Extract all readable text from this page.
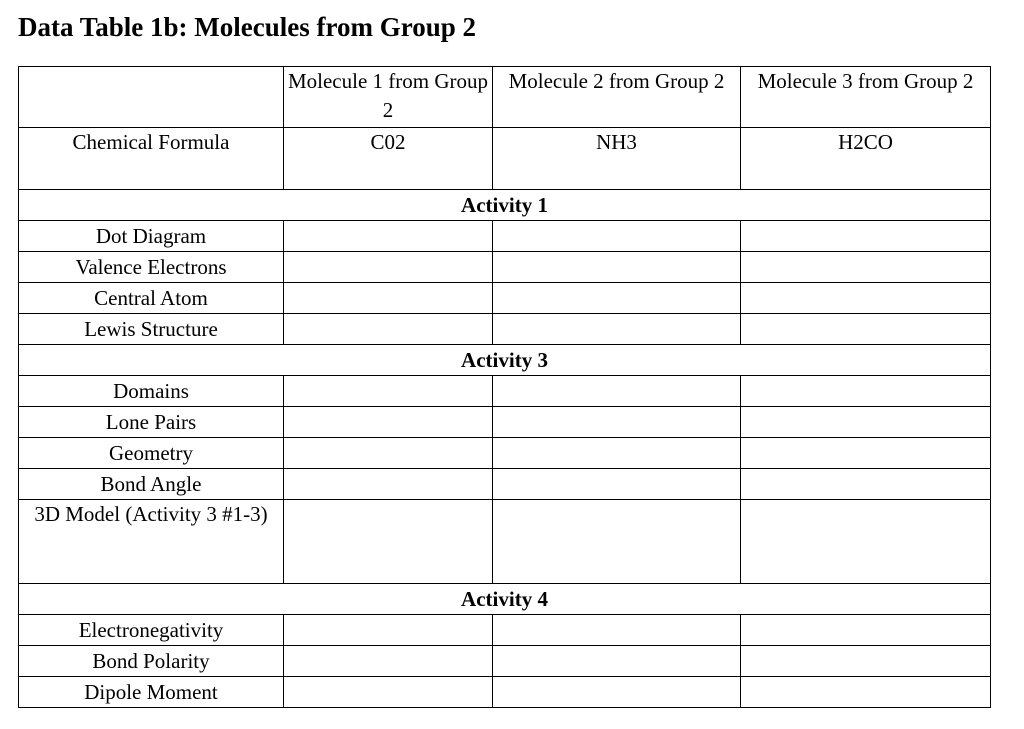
Data Table 1b: Molecules from Group 2
	Molecule 1 from Group 2	Molecule 2 from Group 2	Molecule 3 from Group 2
Chemical Formula	C02	NH3	H2CO
Activity 1			
Dot Diagram			
Valence Electrons			
Central Atom			
Lewis Structure			
Activity 3			
Domains			
Lone Pairs			
Geometry			
Bond Angle			
3D Model (Activity 3 #1-3)			
Activity 4			
Electronegativity			
Bond Polarity			
Dipole Moment			
